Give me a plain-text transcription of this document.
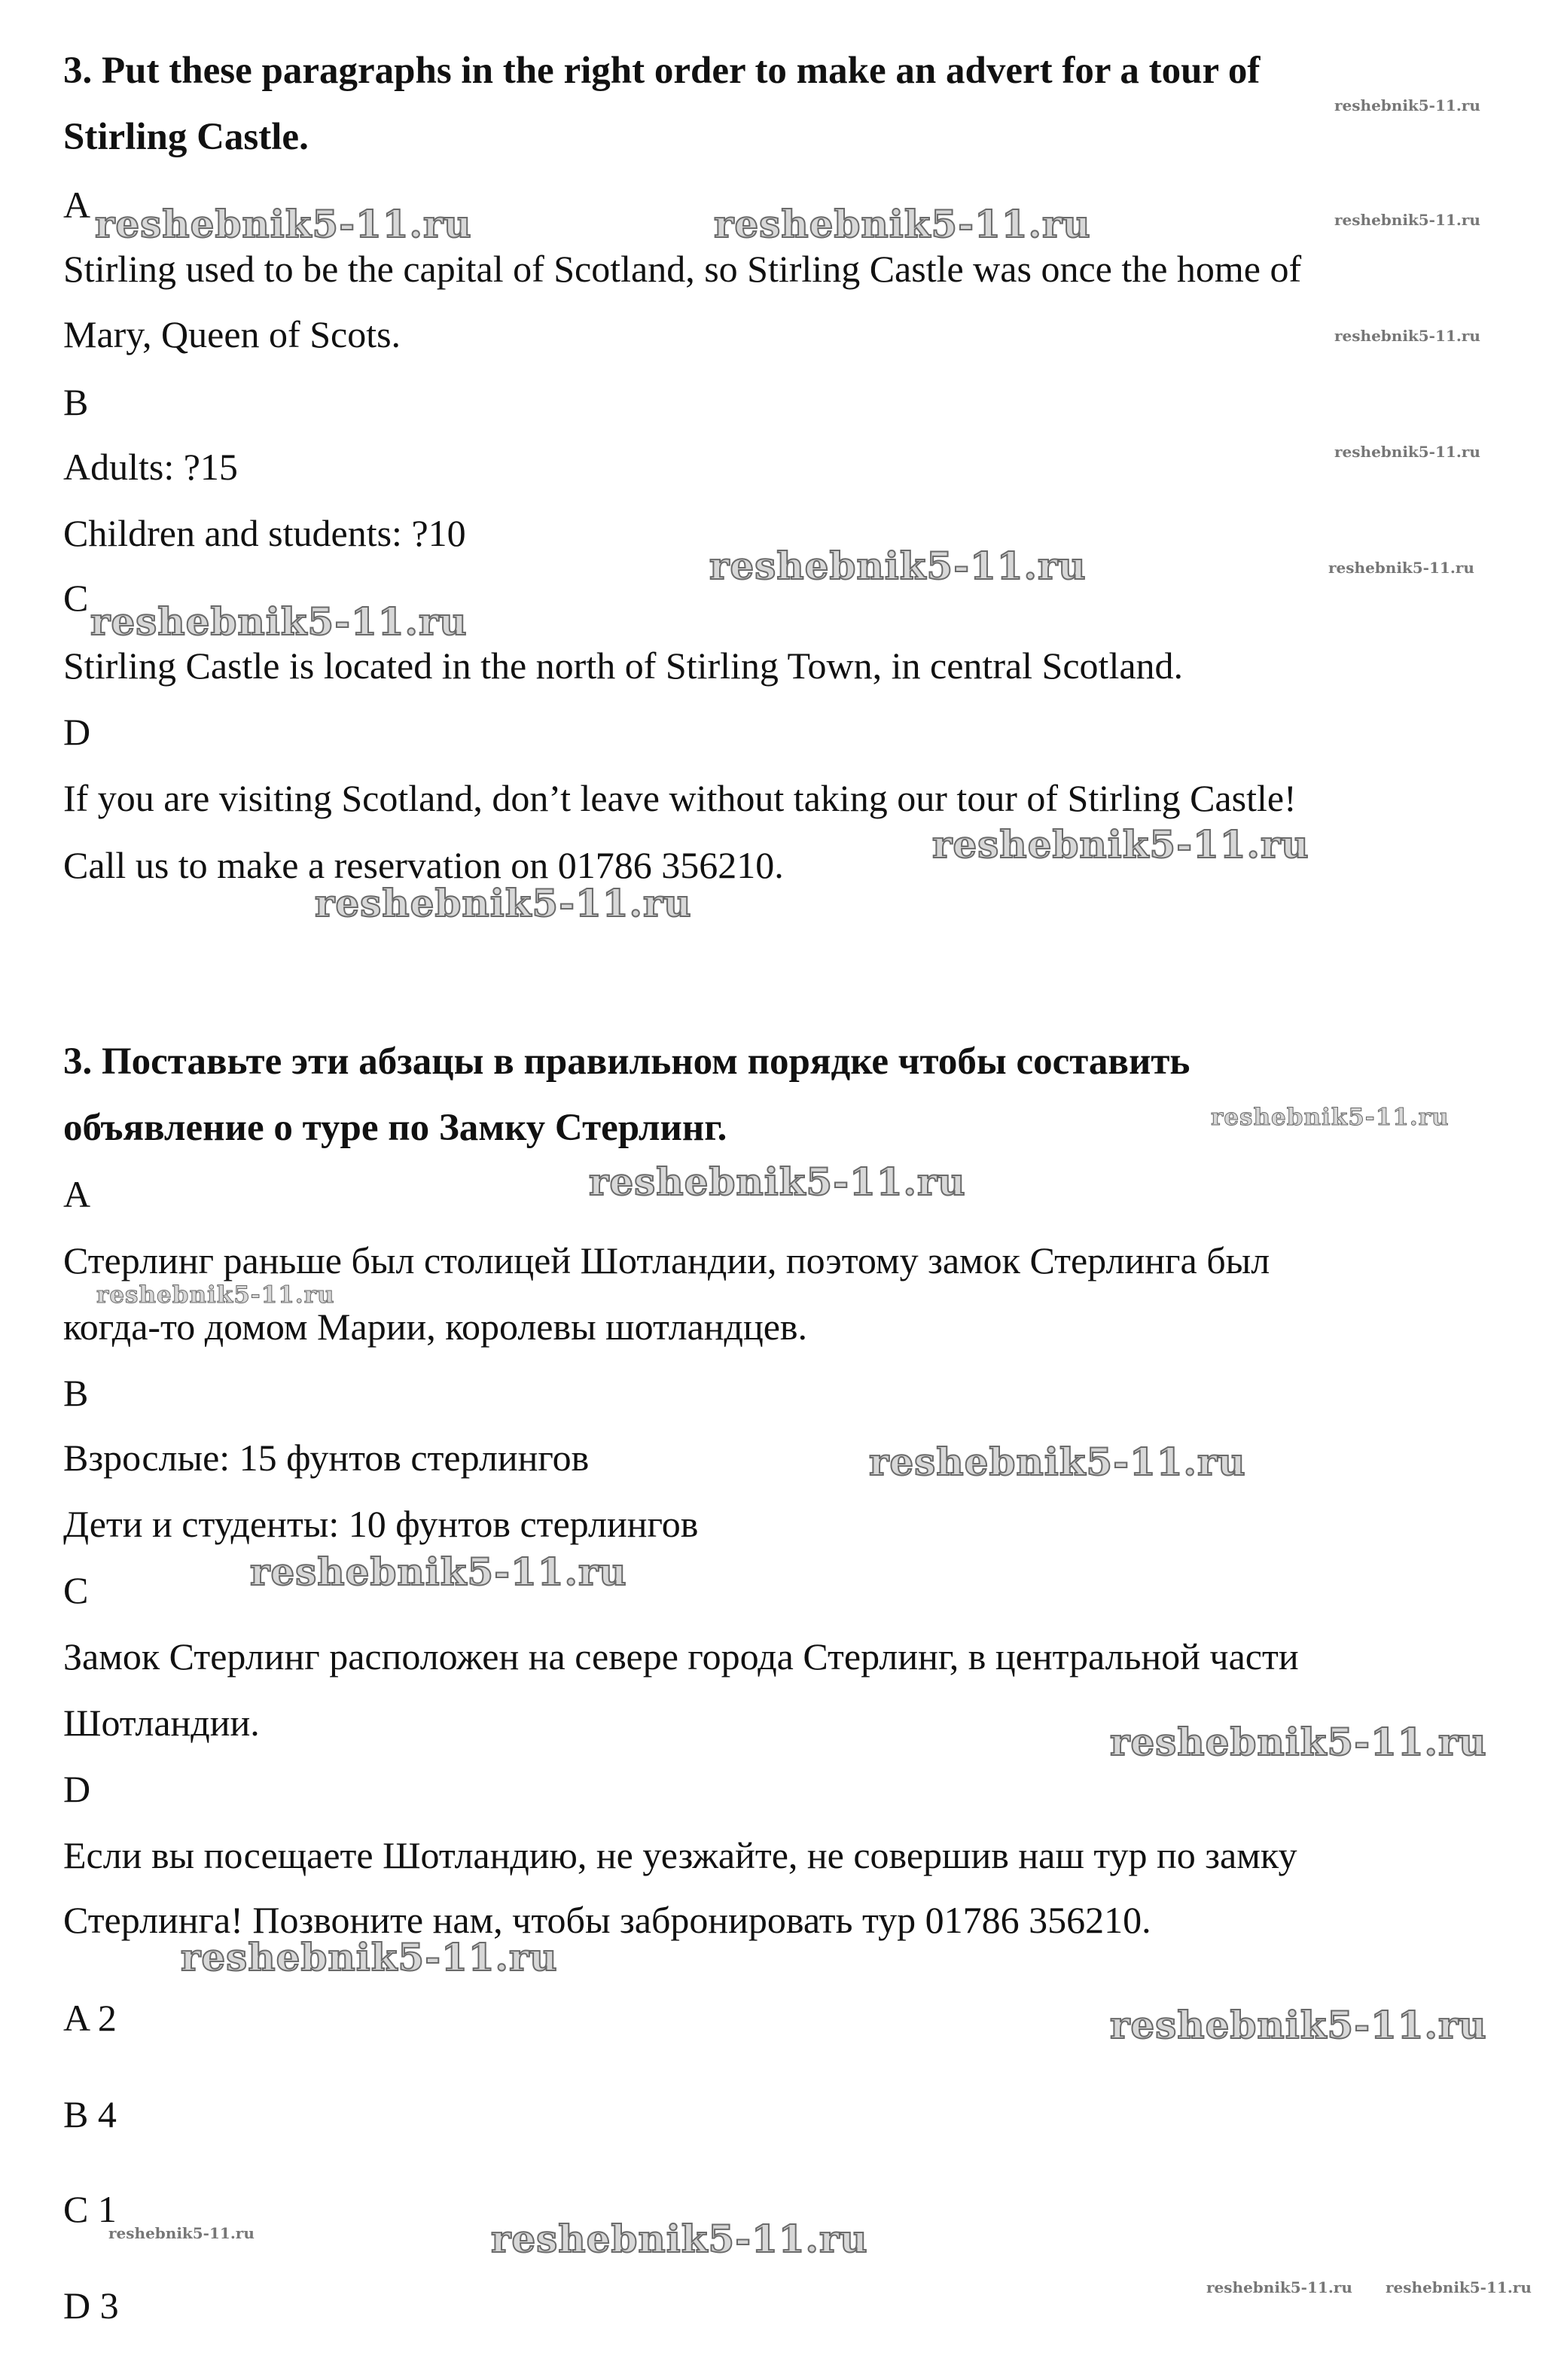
3. Put these paragraphs in the right order to make an advert for a tour of

Stirling Castle.

A

Stirling used to be the capital of Scotland, so Stirling Castle was once the home of

Mary, Queen of Scots.

B

Adults: ?15

Children and students: ?10

C

Stirling Castle is located in the north of Stirling Town, in central Scotland.

D

If you are visiting Scotland, don’t leave without taking our tour of Stirling Castle!

Call us to make a reservation on 01786 356210.

3. Поставьте эти абзацы в правильном порядке чтобы составить

объявление о туре по Замку Стерлинг.

A

Стерлинг раньше был столицей Шотландии, поэтому замок Стерлинга был

когда-то домом Марии, королевы шотландцев.

B

Взрослые: 15 фунтов стерлингов

Дети и студенты: 10 фунтов стерлингов

C

Замок Стерлинг расположен на севере города Стерлинг, в центральной части

Шотландии.

D

Если вы посещаете Шотландию, не уезжайте, не совершив наш тур по замку

Стерлинга! Позвоните нам, чтобы забронировать тур 01786 356210.

A 2

B 4

C 1

D 3

reshebnik5-11.ru
reshebnik5-11.ru	reshebnik5-11.ru	reshebnik5-11.ru
reshebnik5-11.ru
reshebnik5-11.ru
reshebnik5-11.ru	reshebnik5-11.ru
reshebnik5-11.ru
reshebnik5-11.ru
reshebnik5-11.ru
reshebnik5-11.ru
reshebnik5-11.ru
reshebnik5-11.ru
reshebnik5-11.ru
reshebnik5-11.ru
reshebnik5-11.ru
reshebnik5-11.ru
reshebnik5-11.ru
reshebnik5-11.ru	reshebnik5-11.ru
reshebnik5-11.ru reshebnik5-11.ru
